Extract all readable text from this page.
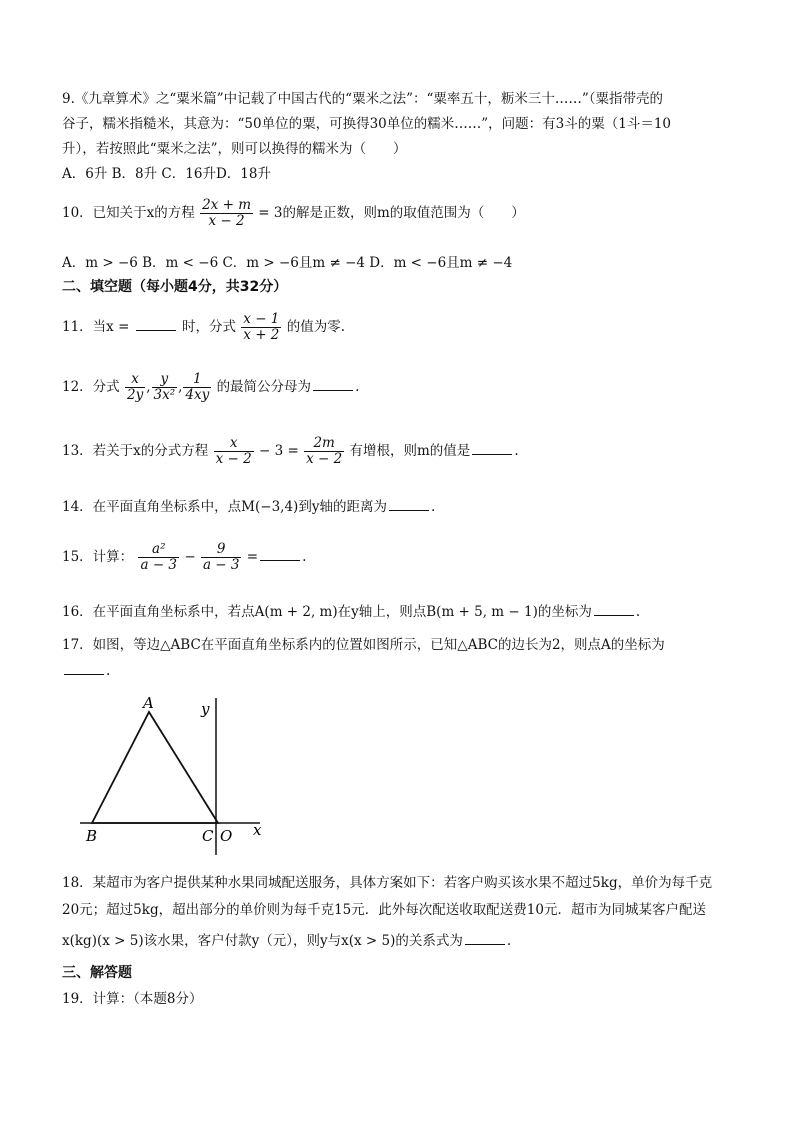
9.《九章算术》之“粟米篇”中记载了中国古代的“粟米之法”：“粟率五十，粝米三十……”（粟指带壳的
谷子，糯米指糙米，其意为：“50单位的粟，可换得30单位的糯米……”，问题：有3斗的粟（1斗＝10
升），若按照此“粟米之法”，则可以换得的糯米为（　　）
A．6升 B．8升 C．16升D．18升
10．已知关于x的方程 $\frac{2x + m}{x - 2} = 3$的解是正数，则m的取值范围为（　　）
A．m > −6 B．m < −6 C．m > −6且m ≠ −4 D．m < −6且m ≠ −4
二、填空题（每小题4分，共32分）
11．当x =	时，分式 $\frac{x - 1}{x + 2}$ 的值为零.
12．分式 $\frac{x}{2y}$ , $\frac{y}{\text{3x²}}$ , $\frac{1}{4xy}$ 的最简公分母为	.
13．若关于x的分式方程 $\frac{x}{x - 2} - 3 = \frac{2m}{x - 2}$ 有增根，则m的值是	.
14．在平面直角坐标系中，点M(−3,4)到y轴的距离为	.
15．计算： $\frac{\text{a²}}{a - 3} - \frac{9}{a - 3}$ =	.
16．在平面直角坐标系中，若点A(m + 2, m)在y轴上，则点B(m + 5, m − 1)的坐标为	.
17．如图，等边△ABC在平面直角坐标系内的位置如图所示，已知△ABC的边长为2，则点A的坐标为
.
A
B	C O x
y
18．某超市为客户提供某种水果同城配送服务，具体方案如下：若客户购买该水果不超过5kg，单价为每千克
20元；超过5kg，超出部分的单价则为每千克15元．此外每次配送收取配送费10元．超市为同城某客户配送
x(kg)(x > 5)该水果，客户付款y（元），则y与x(x > 5)的关系式为	.
三、解答题
19．计算：（本题8分）
